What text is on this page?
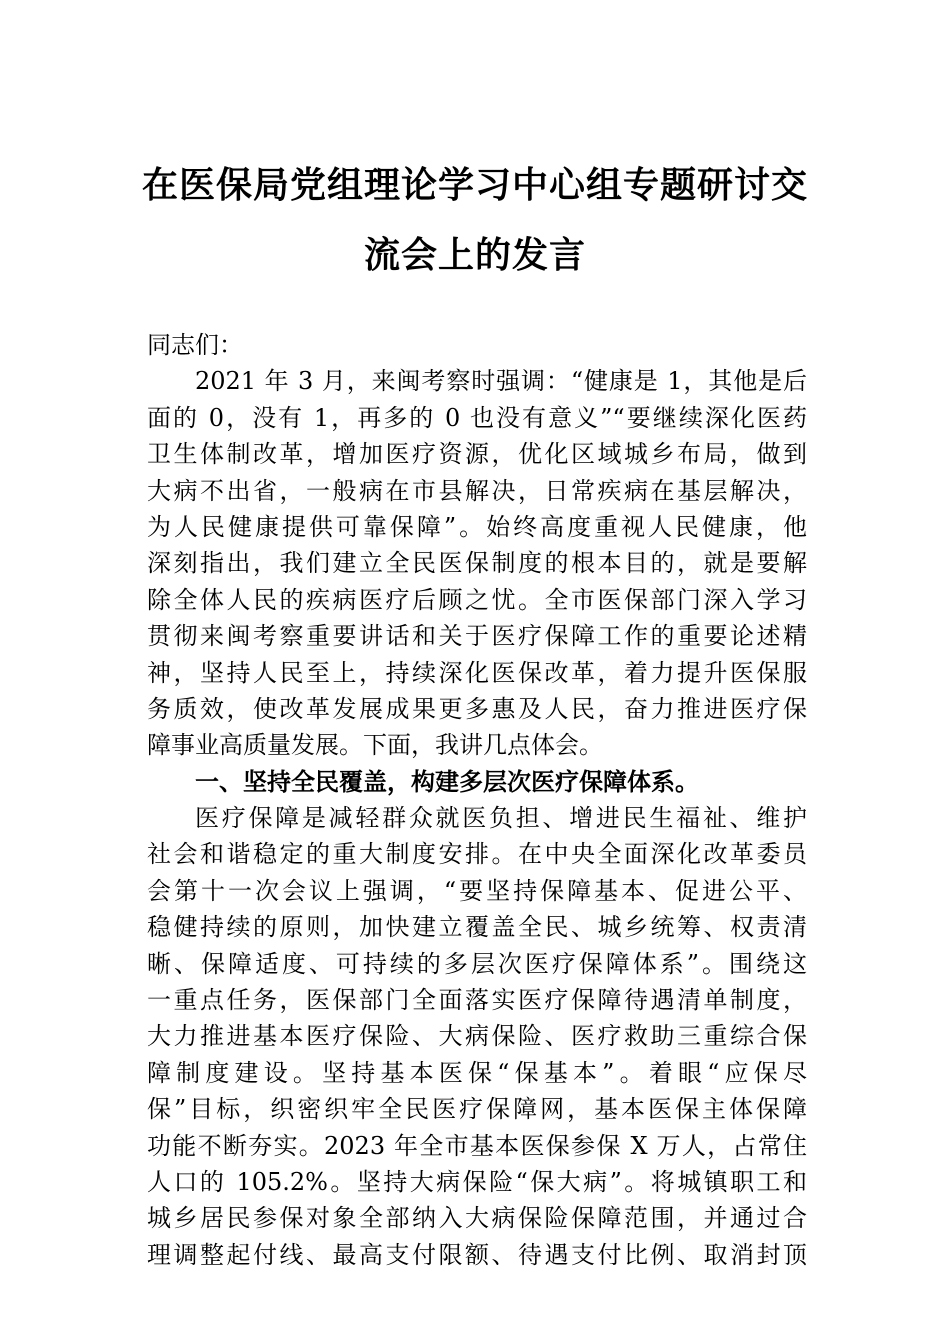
在医保局党组理论学习中心组专题研讨交
流会上的发言
同志们：
2021 年 3 月，来闽考察时强调：“健康是 1，其他是后
面的 0，没有 1，再多的 0 也没有意义”“要继续深化医药
卫生体制改革，增加医疗资源，优化区域城乡布局，做到
大病不出省，一般病在市县解决，日常疾病在基层解决，
为人民健康提供可靠保障”。始终高度重视人民健康，他
深刻指出，我们建立全民医保制度的根本目的，就是要解
除全体人民的疾病医疗后顾之忧。全市医保部门深入学习
贯彻来闽考察重要讲话和关于医疗保障工作的重要论述精
神，坚持人民至上，持续深化医保改革，着力提升医保服
务质效，使改革发展成果更多惠及人民，奋力推进医疗保
障事业高质量发展。下面，我讲几点体会。
一、坚持全民覆盖，构建多层次医疗保障体系。
医疗保障是减轻群众就医负担、增进民生福祉、维护
社会和谐稳定的重大制度安排。在中央全面深化改革委员
会第十一次会议上强调，“要坚持保障基本、促进公平、
稳健持续的原则，加快建立覆盖全民、城乡统筹、权责清
晰、保障适度、可持续的多层次医疗保障体系”。围绕这
一重点任务，医保部门全面落实医疗保障待遇清单制度，
大力推进基本医疗保险、大病保险、医疗救助三重综合保
障制度建设。坚持基本医保“保基本”。着眼“应保尽
保”目标，织密织牢全民医疗保障网，基本医保主体保障
功能不断夯实。2023 年全市基本医保参保 X 万人，占常住
人口的 105.2%。坚持大病保险“保大病”。将城镇职工和
城乡居民参保对象全部纳入大病保险保障范围，并通过合
理调整起付线、最高支付限额、待遇支付比例、取消封顶
